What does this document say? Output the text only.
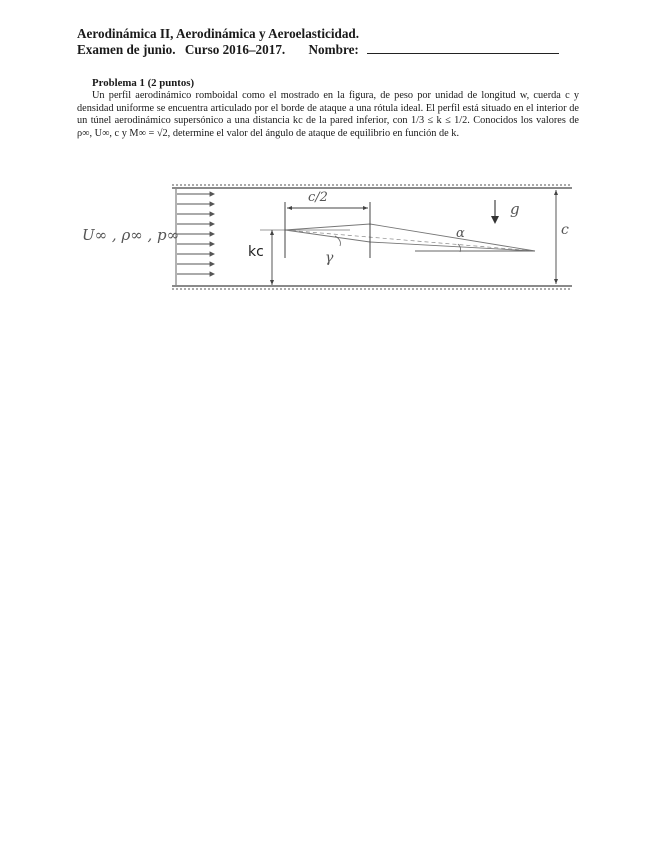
Aerodinámica II, Aerodinámica y Aeroelasticidad.
Examen de junio. Curso 2016–2017. Nombre:
Problema 1 (2 puntos)
Un perfil aerodinámico romboidal como el mostrado en la figura, de peso por unidad de longitud w, cuerda c y densidad uniforme se encuentra articulado por el borde de ataque a una rótula ideal. El perfil está situado en el interior de un túnel aerodinámico supersónico a una distancia kc de la pared inferior, con 1/3 ≤ k ≤ 1/2. Conocidos los valores de ρ∞, U∞, c y M∞ = √2, determine el valor del ángulo de ataque de equilibrio en función de k.
U∞ , ρ∞ , p∞
c/2
g
kc	γ
α	c
